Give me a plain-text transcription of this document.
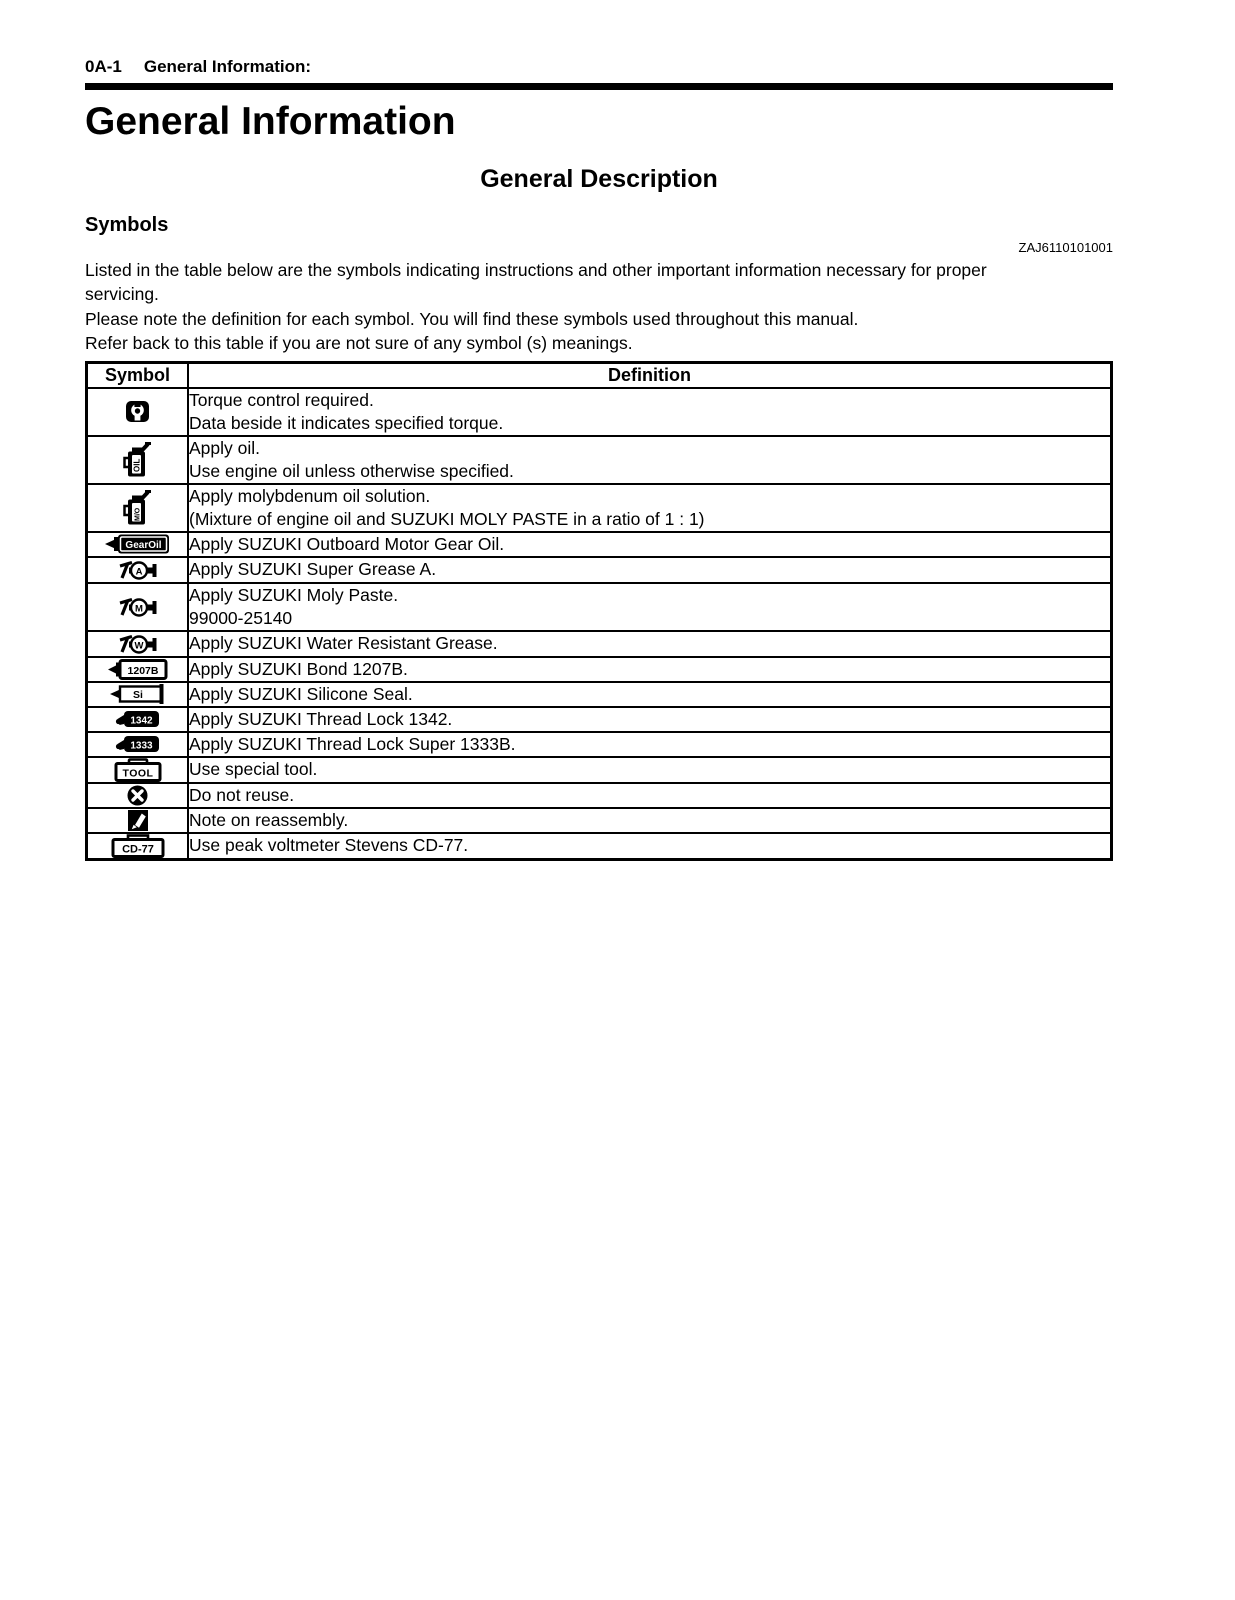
0A-1 General Information:
General Information
General Description
Symbols
ZAJ6110101001
Listed in the table below are the symbols indicating instructions and other important information necessary for proper
servicing.
Please note the definition for each symbol. You will find these symbols used throughout this manual.
Refer back to this table if you are not sure of any symbol (s) meanings.
Symbol	Definition

Torque control required.
Data beside it indicates specified torque.

OIL	Apply oil.
Use engine oil unless otherwise specified.

M/O	Apply molybdenum oil solution.
(Mixture of engine oil and SUZUKI MOLY PASTE in a ratio of 1 : 1)

GearOil	Apply SUZUKI Outboard Motor Gear Oil.

A	Apply SUZUKI Super Grease A.

M	Apply SUZUKI Moly Paste.
99000-25140

W	Apply SUZUKI Water Resistant Grease.

1207B	Apply SUZUKI Bond 1207B.

Si	Apply SUZUKI Silicone Seal.

1342	Apply SUZUKI Thread Lock 1342.

1333	Apply SUZUKI Thread Lock Super 1333B.

TOOL	Use special tool.

Do not reuse.

Note on reassembly.

CD-77	Use peak voltmeter Stevens CD-77.
